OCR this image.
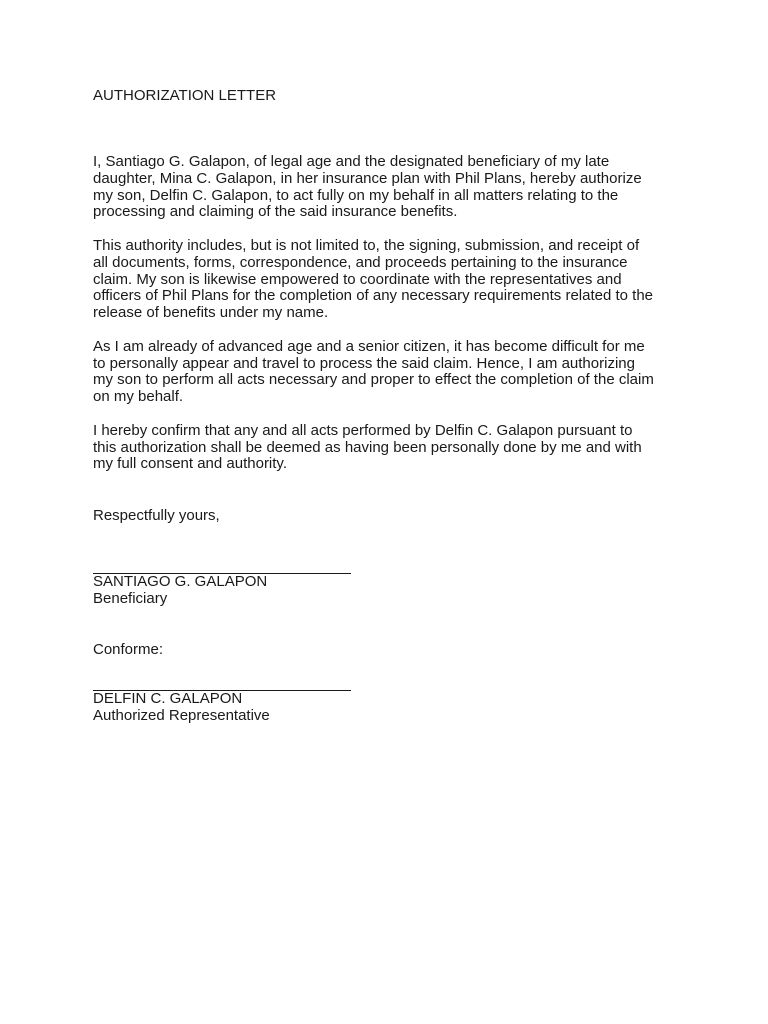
AUTHORIZATION LETTER

I, Santiago G. Galapon, of legal age and the designated beneficiary of my late
daughter, Mina C. Galapon, in her insurance plan with Phil Plans, hereby authorize
my son, Delfin C. Galapon, to act fully on my behalf in all matters relating to the
processing and claiming of the said insurance benefits.

This authority includes, but is not limited to, the signing, submission, and receipt of
all documents, forms, correspondence, and proceeds pertaining to the insurance
claim. My son is likewise empowered to coordinate with the representatives and
officers of Phil Plans for the completion of any necessary requirements related to the
release of benefits under my name.

As I am already of advanced age and a senior citizen, it has become difficult for me
to personally appear and travel to process the said claim. Hence, I am authorizing
my son to perform all acts necessary and proper to effect the completion of the claim
on my behalf.

I hereby confirm that any and all acts performed by Delfin C. Galapon pursuant to
this authorization shall be deemed as having been personally done by me and with
my full consent and authority.

Respectfully yours,
SANTIAGO G. GALAPON
Beneficiary
Conforme:
DELFIN C. GALAPON
Authorized Representative
